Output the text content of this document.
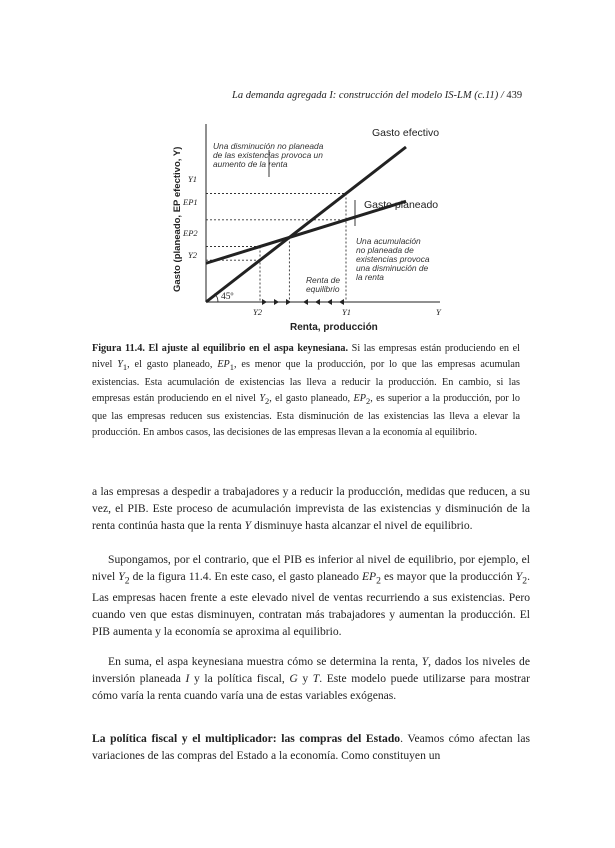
La demanda agregada I: construcción del modelo IS-LM (c.11) / 439
45º
Gasto efectivo
Gasto planeado
Y1
EP1
EP2
Y2
Y2	Y1	Y
Renta, producción
Gasto (planeado, EP efectivo, Y)
Una disminución no planeada
de las existencias provoca un
aumento de la renta
Una acumulación
no planeada de
existencias provoca
una disminución de
la renta
Renta de
equilibrio
Figura 11.4. El ajuste al equilibrio en el aspa keynesiana. Si las empresas están produciendo en el nivel $Y_1$, el gasto planeado, $EP_1$, es menor que la producción, por lo que las empresas acumulan existencias. Esta acumulación de existencias las lleva a reducir la producción. En cambio, si las empresas están produciendo en el nivel $Y_2$, el gasto planeado, $EP_2$, es superior a la producción, por lo que las empresas reducen sus existencias. Esta disminución de las existencias las lleva a elevar la producción. En ambos casos, las decisiones de las empresas llevan a la economía al equilibrio.

a las empresas a despedir a trabajadores y a reducir la producción, medidas que reducen, a su vez, el PIB. Este proceso de acumulación imprevista de las existencias y disminución de la renta continúa hasta que la renta Y disminuye hasta alcanzar el nivel de equilibrio.

Supongamos, por el contrario, que el PIB es inferior al nivel de equilibrio, por ejemplo, el nivel $Y_2$ de la figura 11.4. En este caso, el gasto planeado $EP_2$ es mayor que la producción $Y_2$. Las empresas hacen frente a este elevado nivel de ventas recurriendo a sus existencias. Pero cuando ven que estas disminuyen, contratan más trabajadores y aumentan la producción. El PIB aumenta y la economía se aproxima al equilibrio.

En suma, el aspa keynesiana muestra cómo se determina la renta, Y, dados los niveles de inversión planeada I y la política fiscal, G y T. Este modelo puede utilizarse para mostrar cómo varía la renta cuando varía una de estas variables exógenas.

La política fiscal y el multiplicador: las compras del Estado. Veamos cómo afectan las variaciones de las compras del Estado a la economía. Como constituyen un
